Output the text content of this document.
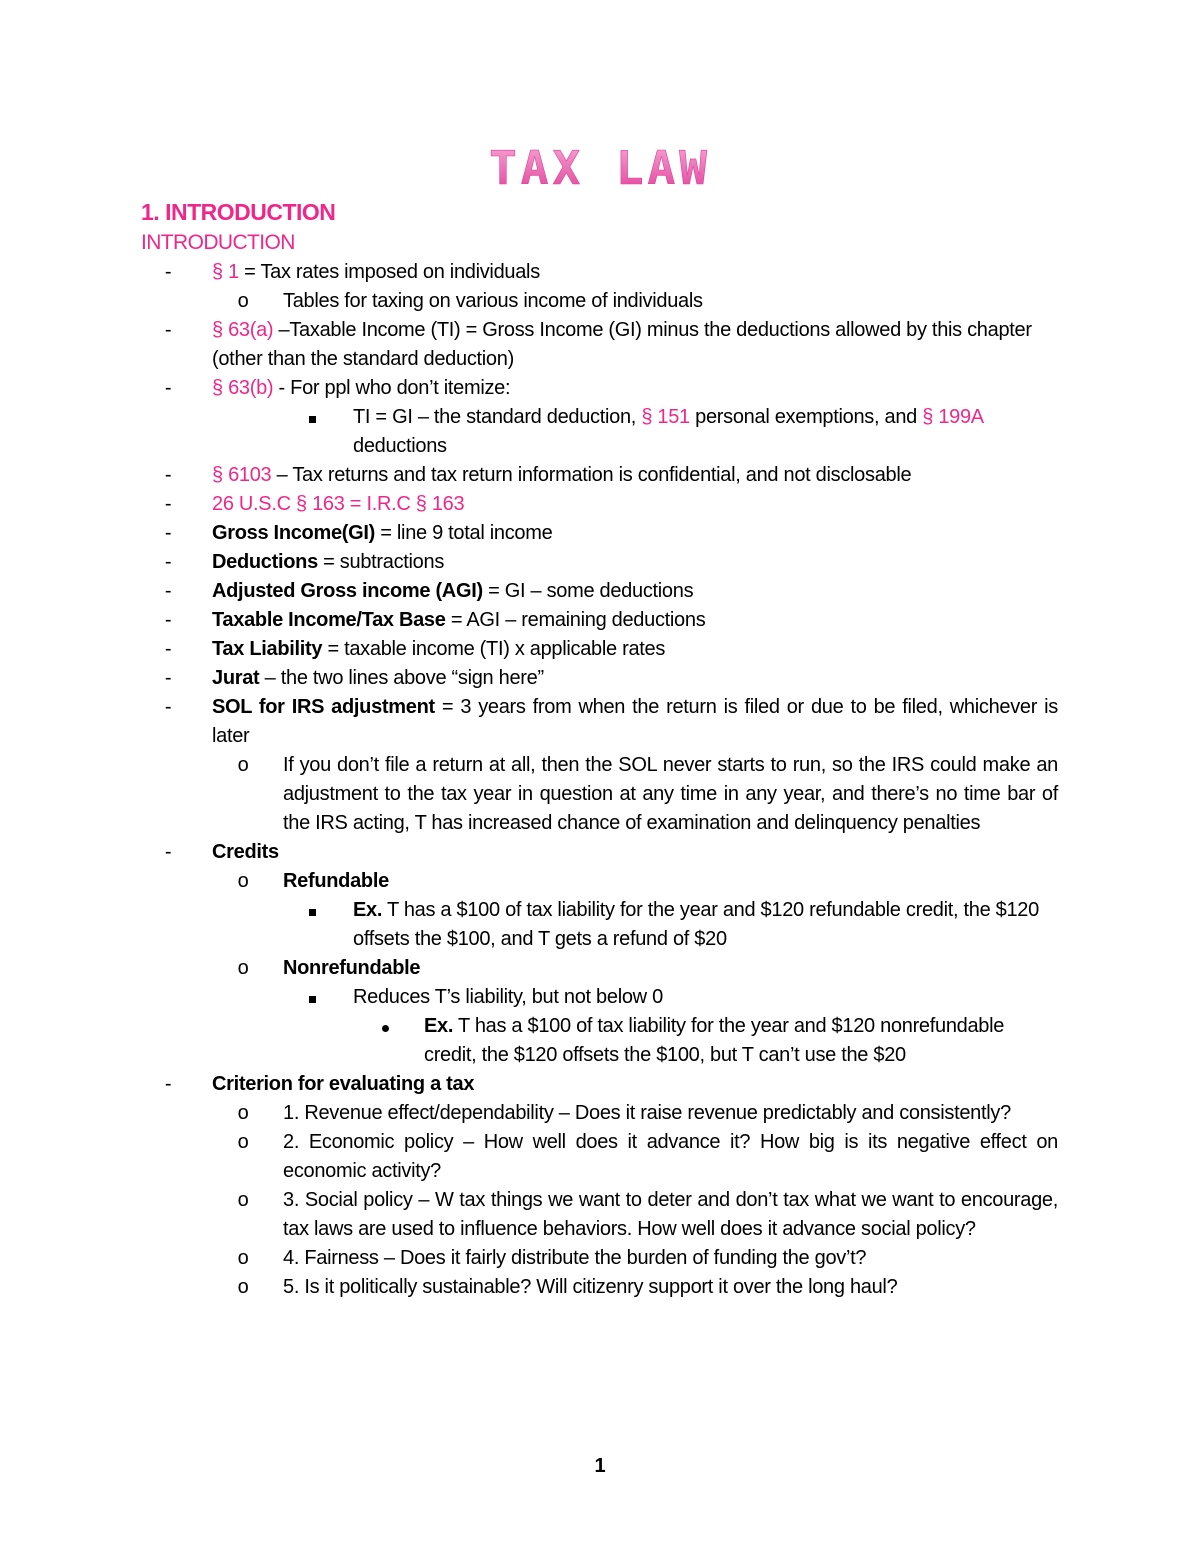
TAX LAW
1. INTRODUCTION
INTRODUCTION
-	§ 1 = Tax rates imposed on individuals
o	Tables for taxing on various income of individuals
-	§ 63(a) –Taxable Income (TI) = Gross Income (GI) minus the deductions allowed by this chapter (other than the standard deduction)
-	§ 63(b) - For ppl who don’t itemize:
TI = GI – the standard deduction, § 151 personal exemptions, and § 199A deductions
-	§ 6103 – Tax returns and tax return information is confidential, and not disclosable
-	26 U.S.C § 163 = I.R.C § 163
-	Gross Income(GI) = line 9 total income
-	Deductions = subtractions
-	Adjusted Gross income (AGI) = GI – some deductions
-	Taxable Income/Tax Base = AGI – remaining deductions
-	Tax Liability = taxable income (TI) x applicable rates
-	Jurat – the two lines above “sign here”
-	SOL for IRS adjustment = 3 years from when the return is filed or due to be filed, whichever is later
o	If you don’t file a return at all, then the SOL never starts to run, so the IRS could make an adjustment to the tax year in question at any time in any year, and there’s no time bar of the IRS acting, T has increased chance of examination and delinquency penalties
-	Credits
o	Refundable
Ex. T has a $100 of tax liability for the year and $120 refundable credit, the $120 offsets the $100, and T gets a refund of $20
o	Nonrefundable
Reduces T’s liability, but not below 0
Ex. T has a $100 of tax liability for the year and $120 nonrefundable credit, the $120 offsets the $100, but T can’t use the $20
-	Criterion for evaluating a tax
o	1. Revenue effect/dependability – Does it raise revenue predictably and consistently?
o	2. Economic policy – How well does it advance it? How big is its negative effect on economic activity?
o	3. Social policy – W tax things we want to deter and don’t tax what we want to encourage, tax laws are used to influence behaviors. How well does it advance social policy?
o	4. Fairness – Does it fairly distribute the burden of funding the gov’t?
o	5. Is it politically sustainable? Will citizenry support it over the long haul?
1
